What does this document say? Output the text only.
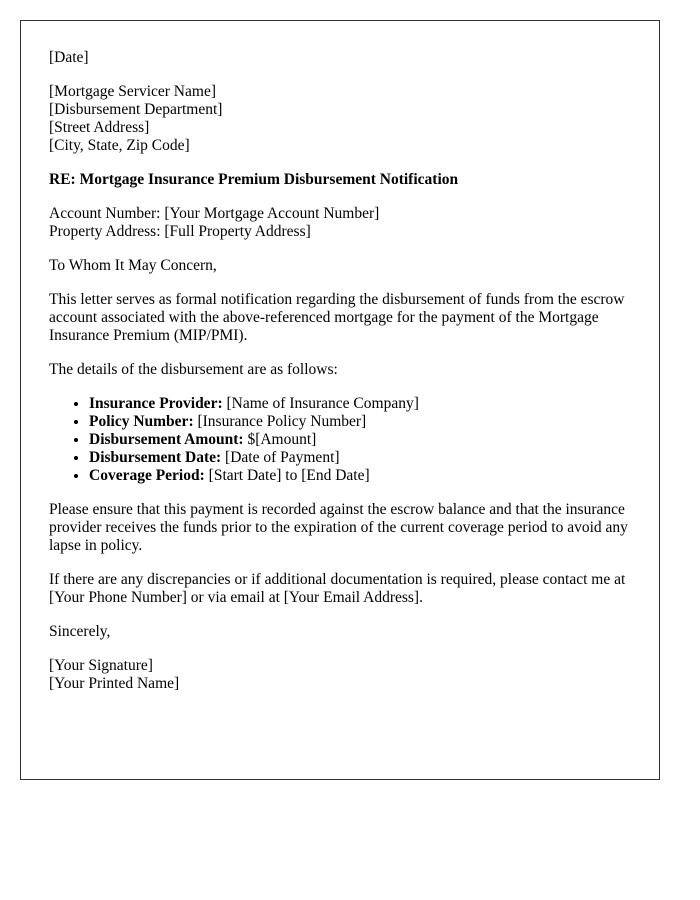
[Date]
[Mortgage Servicer Name]
[Disbursement Department]
[Street Address]
[City, State, Zip Code]
RE: Mortgage Insurance Premium Disbursement Notification
Account Number: [Your Mortgage Account Number]
Property Address: [Full Property Address]
To Whom It May Concern,

This letter serves as formal notification regarding the disbursement of funds from the escrow account associated with the above-referenced mortgage for the payment of the Mortgage Insurance Premium (MIP/PMI).

The details of the disbursement are as follows:

• Insurance Provider: [Name of Insurance Company]
• Policy Number: [Insurance Policy Number]
• Disbursement Amount: $[Amount]
• Disbursement Date: [Date of Payment]
• Coverage Period: [Start Date] to [End Date]

Please ensure that this payment is recorded against the escrow balance and that the insurance provider receives the funds prior to the expiration of the current coverage period to avoid any lapse in policy.

If there are any discrepancies or if additional documentation is required, please contact me at [Your Phone Number] or via email at [Your Email Address].

Sincerely,
[Your Signature]
[Your Printed Name]
